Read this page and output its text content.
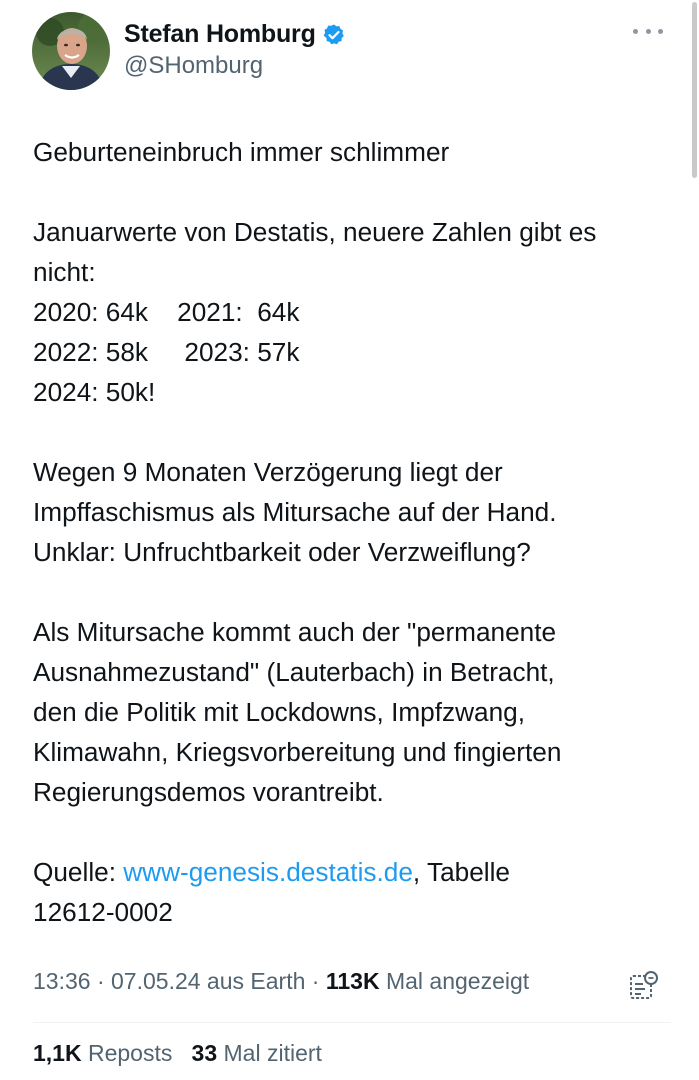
Stefan Homburg
@SHomburg
Geburteneinbruch immer schlimmer
Januarwerte von Destatis, neuere Zahlen gibt es
nicht:
2020: 64k    2021:  64k
2022: 58k     2023: 57k
2024: 50k!
Wegen 9 Monaten Verzögerung liegt der
Impffaschismus als Mitursache auf der Hand.
Unklar: Unfruchtbarkeit oder Verzweiflung?
Als Mitursache kommt auch der "permanente
Ausnahmezustand" (Lauterbach) in Betracht,
den die Politik mit Lockdowns, Impfzwang,
Klimawahn, Kriegsvorbereitung und fingierten
Regierungsdemos vorantreibt.
Quelle: www-genesis.destatis.de, Tabelle
12612-0002
13:36 · 07.05.24 aus Earth · 113K Mal angezeigt
1,1K Reposts 33 Mal zitiert
